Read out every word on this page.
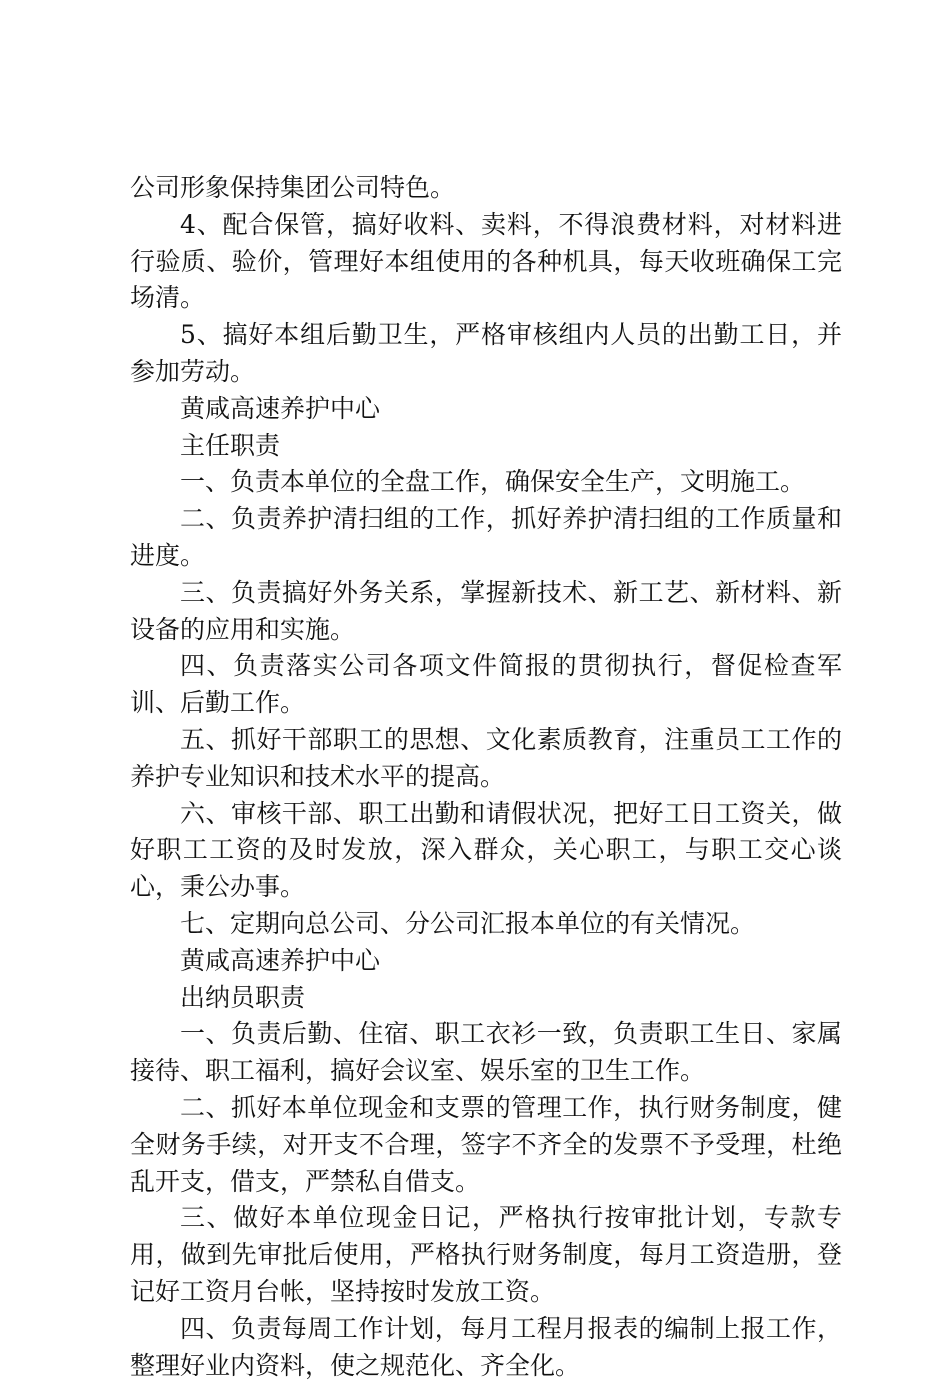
公司形象保持集团公司特色。

4、配合保管，搞好收料、卖料，不得浪费材料，对材料进行验质、验价，管理好本组使用的各种机具，每天收班确保工完场清。

5、搞好本组后勤卫生，严格审核组内人员的出勤工日，并参加劳动。

黄咸高速养护中心

主任职责

一、负责本单位的全盘工作，确保安全生产，文明施工。

二、负责养护清扫组的工作，抓好养护清扫组的工作质量和进度。

三、负责搞好外务关系，掌握新技术、新工艺、新材料、新设备的应用和实施。

四、负责落实公司各项文件简报的贯彻执行，督促检查军训、后勤工作。

五、抓好干部职工的思想、文化素质教育，注重员工工作的养护专业知识和技术水平的提高。

六、审核干部、职工出勤和请假状况，把好工日工资关，做好职工工资的及时发放，深入群众，关心职工，与职工交心谈心，秉公办事。

七、定期向总公司、分公司汇报本单位的有关情况。

黄咸高速养护中心

出纳员职责

一、负责后勤、住宿、职工衣衫一致，负责职工生日、家属接待、职工福利，搞好会议室、娱乐室的卫生工作。

二、抓好本单位现金和支票的管理工作，执行财务制度，健全财务手续，对开支不合理，签字不齐全的发票不予受理，杜绝乱开支，借支，严禁私自借支。

三、做好本单位现金日记，严格执行按审批计划，专款专用，做到先审批后使用，严格执行财务制度，每月工资造册，登记好工资月台帐，坚持按时发放工资。

四、负责每周工作计划，每月工程月报表的编制上报工作，整理好业内资料，使之规范化、齐全化。
